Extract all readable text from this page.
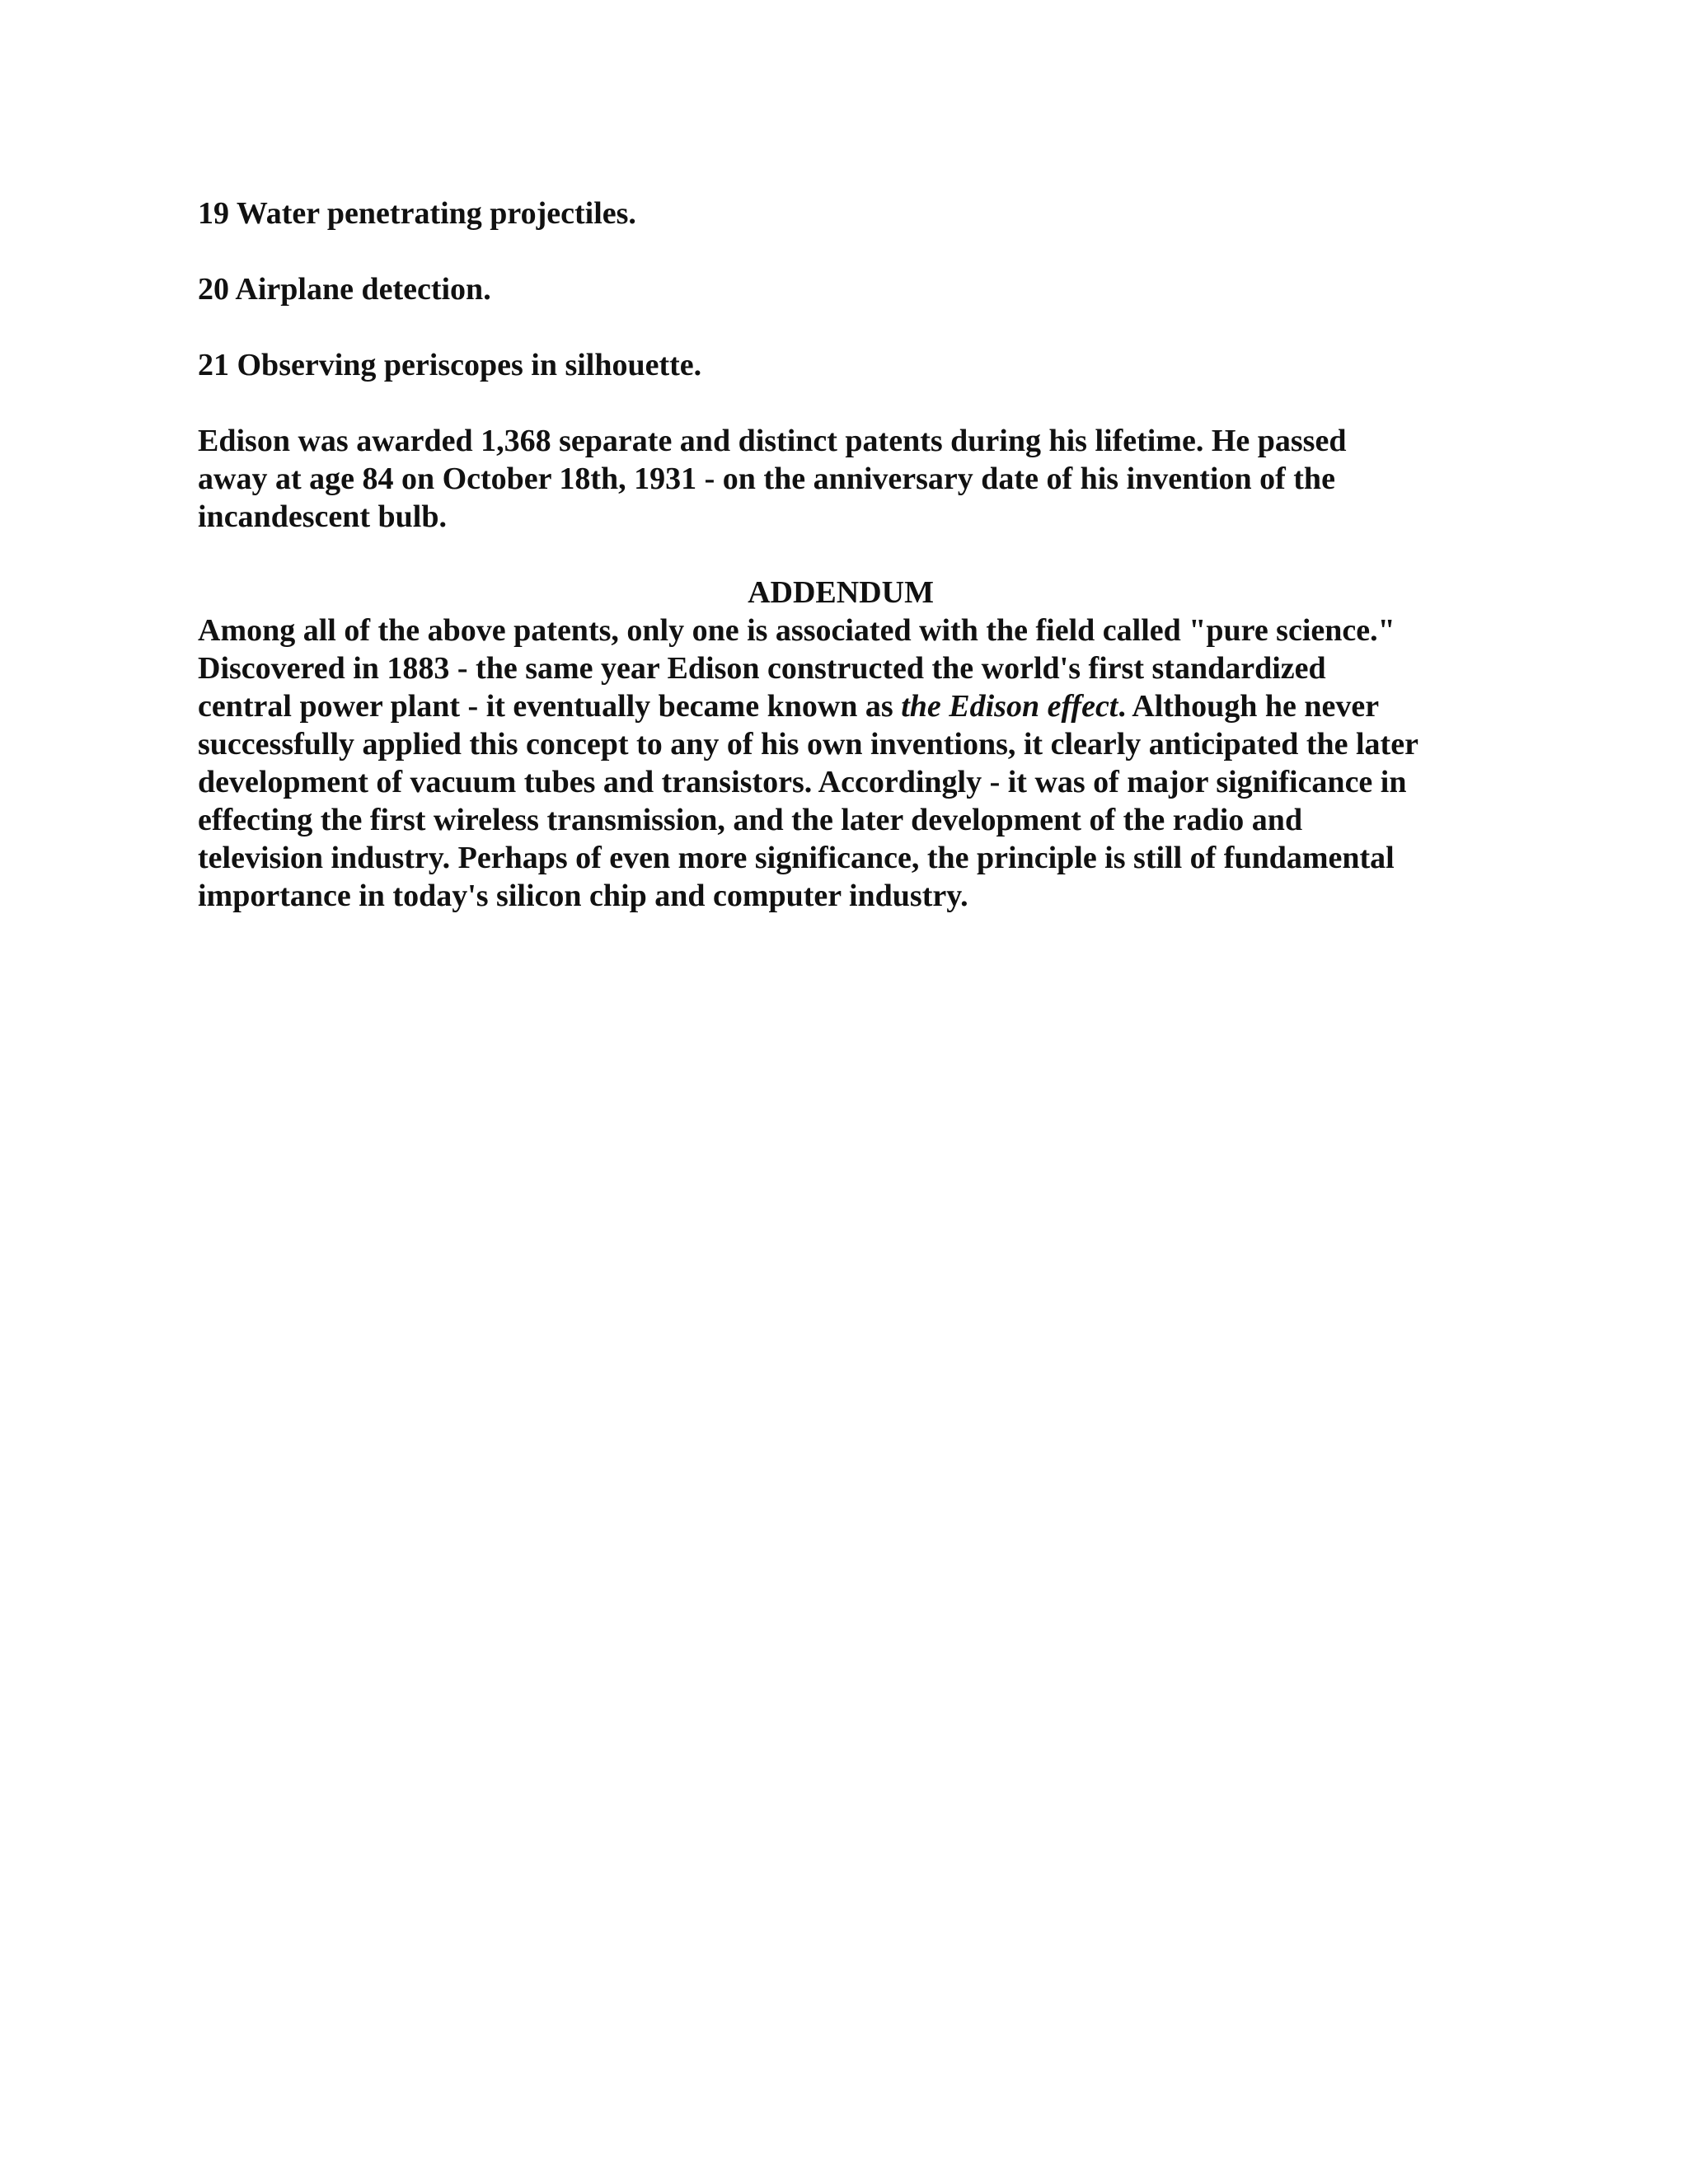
19 Water penetrating projectiles.

20 Airplane detection.

21 Observing periscopes in silhouette.

Edison was awarded 1,368 separate and distinct patents during his lifetime. He passed
away at age 84 on October 18th, 1931 - on the anniversary date of his invention of the
incandescent bulb.

ADDENDUM

Among all of the above patents, only one is associated with the field called "pure science."
Discovered in 1883 - the same year Edison constructed the world's first standardized
central power plant - it eventually became known as the Edison effect. Although he never
successfully applied this concept to any of his own inventions, it clearly anticipated the later
development of vacuum tubes and transistors. Accordingly - it was of major significance in
effecting the first wireless transmission, and the later development of the radio and
television industry. Perhaps of even more significance, the principle is still of fundamental
importance in today's silicon chip and computer industry.
